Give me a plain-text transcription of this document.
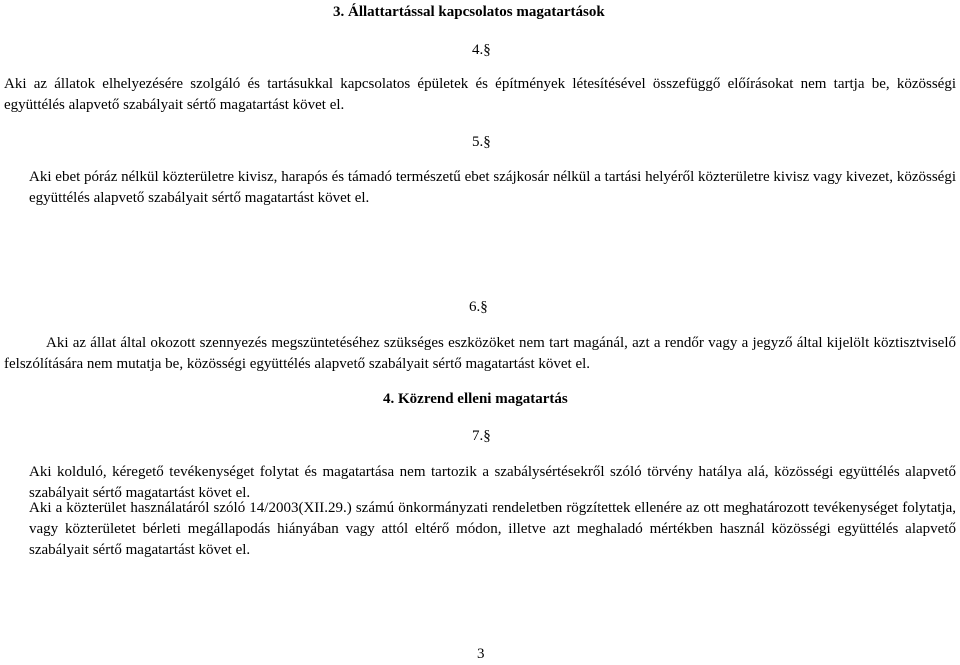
3. Állattartással kapcsolatos magatartások
4.§
Aki az állatok elhelyezésére szolgáló és tartásukkal kapcsolatos épületek és építmények létesítésével összefüggő előírásokat nem tartja be, közösségi együttélés alapvető szabályait sértő magatartást követ el.
5.§
Aki ebet póráz nélkül közterületre kivisz, harapós és támadó természetű ebet szájkosár nélkül a tartási helyéről közterületre kivisz vagy kivezet, közösségi együttélés alapvető szabályait sértő magatartást követ el.
6.§
Aki az állat által okozott szennyezés megszüntetéséhez szükséges eszközöket nem tart magánál, azt a rendőr vagy a jegyző által kijelölt köztisztviselő felszólítására nem mutatja be, közösségi együttélés alapvető szabályait sértő magatartást követ el.
4. Közrend elleni magatartás
7.§
Aki kolduló, kéregető tevékenységet folytat és magatartása nem tartozik a szabálysértésekről szóló törvény hatálya alá, közösségi együttélés alapvető szabályait sértő magatartást követ el.
Aki a közterület használatáról szóló 14/2003(XII.29.) számú önkormányzati rendeletben rögzítettek ellenére az ott meghatározott tevékenységet folytatja, vagy közterületet bérleti megállapodás hiányában vagy attól eltérő módon, illetve azt meghaladó mértékben használ közösségi együttélés alapvető szabályait sértő magatartást követ el.
3
